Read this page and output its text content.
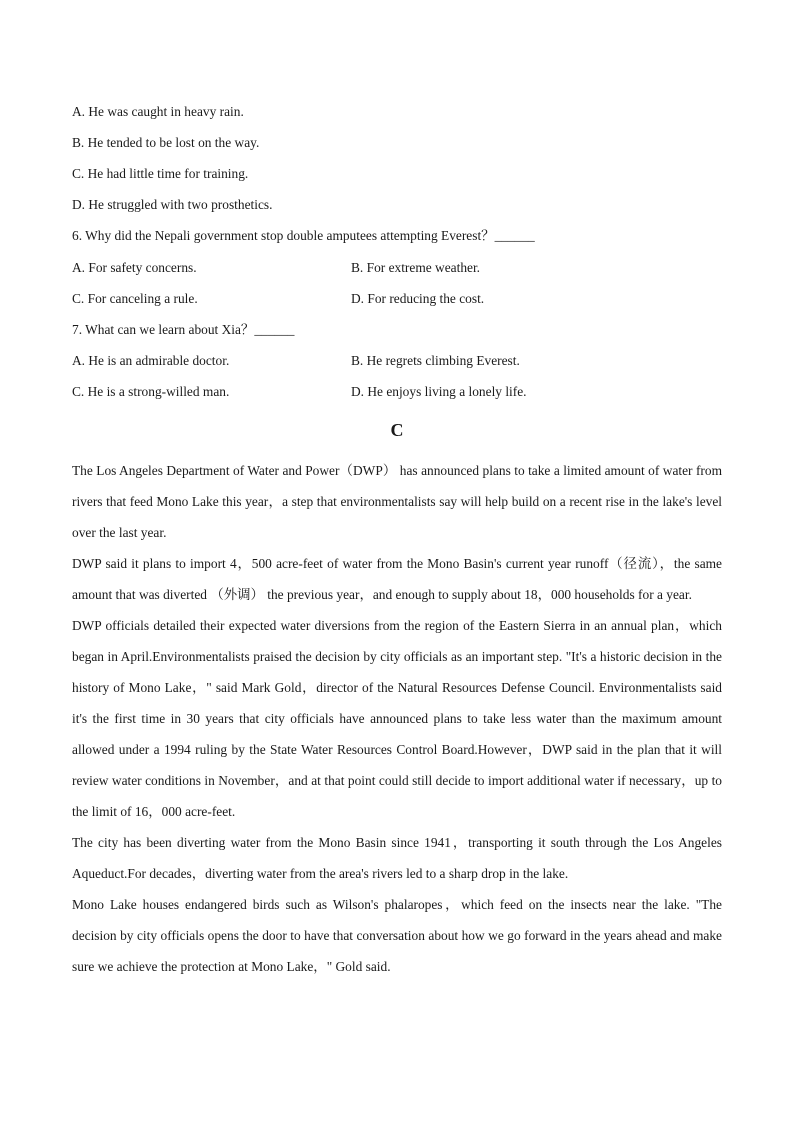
A. He was caught in heavy rain.
B. He tended to be lost on the way.
C. He had little time for training.
D. He struggled with two prosthetics.
6. Why did the Nepali government stop double amputees attempting Everest？______
A. For safety concerns.	B. For extreme weather.
C. For canceling a rule.	D. For reducing the cost.
7. What can we learn about Xia？______
A. He is an admirable doctor.	B. He regrets climbing Everest.
C. He is a strong-willed man.	D. He enjoys living a lonely life.
C

The Los Angeles Department of Water and Power（DWP） has announced plans to take a limited amount of water from rivers that feed Mono Lake this year，a step that environmentalists say will help build on a recent rise in the lake's level over the last year.

DWP said it plans to import 4，500 acre-feet of water from the Mono Basin's current year runoff（径流），the same amount that was diverted （外调） the previous year，and enough to supply about 18，000 households for a year.

DWP officials detailed their expected water diversions from the region of the Eastern Sierra in an annual plan，which began in April.Environmentalists praised the decision by city officials as an important step. "It's a historic decision in the history of Mono Lake，" said Mark Gold，director of the Natural Resources Defense Council. Environmentalists said it's the first time in 30 years that city officials have announced plans to take less water than the maximum amount allowed under a 1994 ruling by the State Water Resources Control Board.However，DWP said in the plan that it will review water conditions in November，and at that point could still decide to import additional water if necessary，up to the limit of 16，000 acre-feet.

The city has been diverting water from the Mono Basin since 1941，transporting it south through the Los Angeles Aqueduct.For decades，diverting water from the area's rivers led to a sharp drop in the lake.

Mono Lake houses endangered birds such as Wilson's phalaropes，which feed on the insects near the lake. "The decision by city officials opens the door to have that conversation about how we go forward in the years ahead and make sure we achieve the protection at Mono Lake，" Gold said.
